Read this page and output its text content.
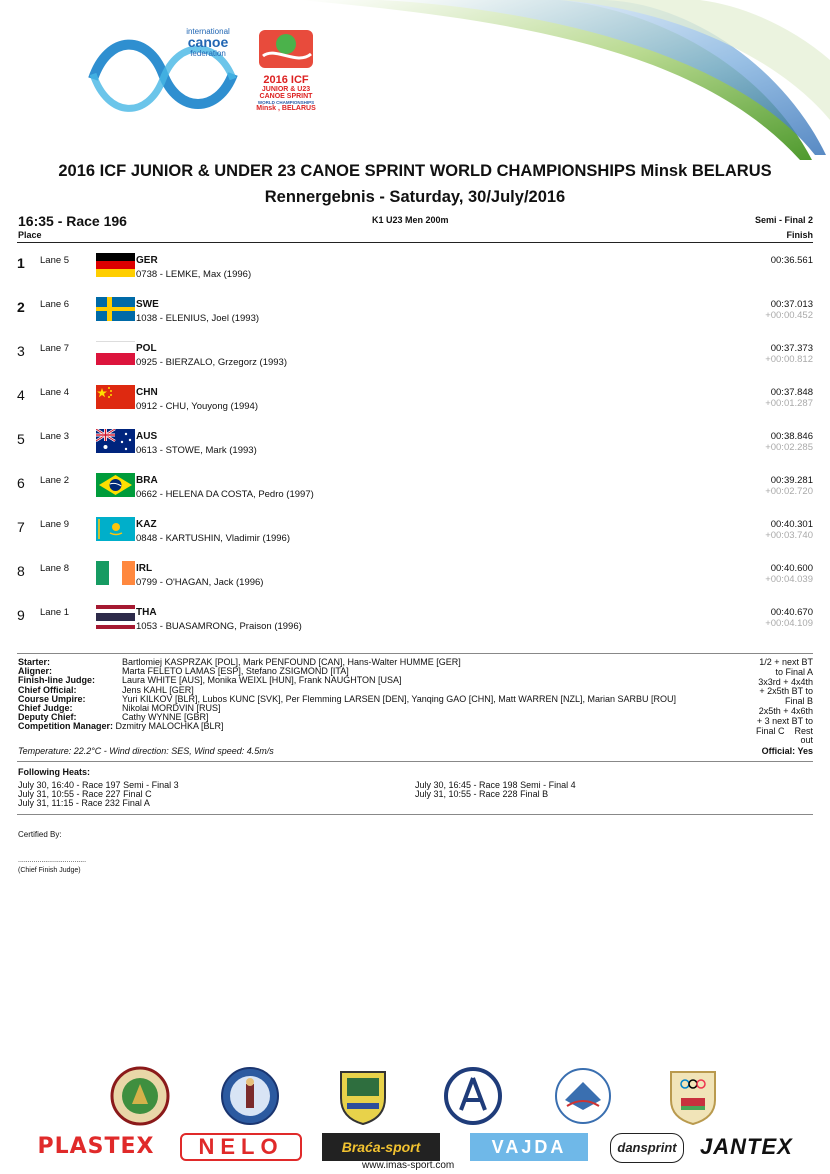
international
canoe
federation
2016 ICF
JUNIOR & U23 CANOE SPRINT
WORLD CHAMPIONSHIPS
Minsk , BELARUS
2016 ICF JUNIOR & UNDER 23 CANOE SPRINT WORLD CHAMPIONSHIPS Minsk BELARUS
Rennergebnis - Saturday, 30/July/2016
16:35 - Race 196
Place
K1 U23 Men 200m	Semi - Final 2
Finish
1 Lane 5	GER
0738 - LEMKE, Max (1996)
00:36.561
2 Lane 6	SWE
1038 - ELENIUS, Joel (1993)
00:37.013
+00:00.452
3 Lane 7	POL
0925 - BIERZALO, Grzegorz (1993)
00:37.373
+00:00.812
4 Lane 4	CHN
0912 - CHU, Youyong (1994)
00:37.848
+00:01.287
5 Lane 3	AUS
0613 - STOWE, Mark (1993)
00:38.846
+00:02.285
6 Lane 2	BRA
0662 - HELENA DA COSTA, Pedro (1997)
00:39.281
+00:02.720
7 Lane 9	KAZ
0848 - KARTUSHIN, Vladimir (1996)
00:40.301
+00:03.740
8 Lane 8	IRL
0799 - O'HAGAN, Jack (1996)
00:40.600
+00:04.039
9 Lane 1	THA
1053 - BUASAMRONG, Praison (1996)
00:40.670
+00:04.109
Starter:	Bartlomiej KASPRZAK [POL], Mark PENFOUND [CAN], Hans-Walter HUMME [GER]
Aligner:	Marta FELETO LAMAS [ESP], Stefano ZSIGMOND [ITA]
Finish-line Judge:	Laura WHITE [AUS], Monika WEIXL [HUN], Frank NAUGHTON [USA]
Chief Official:	Jens KAHL [GER]
Course Umpire:	Yuri KILKOV [BLR], Lubos KUNC [SVK], Per Flemming LARSEN [DEN], Yanqing GAO [CHN], Matt WARREN [NZL], Marian SARBU [ROU]
Chief Judge:	Nikolai MORDVIN [RUS]
Deputy Chief:	Cathy WYNNE [GBR]
Competition Manager: Dzmitry MALOCHKA [BLR]
Temperature: 22.2°C - Wind direction: SES, Wind speed: 4.5m/s
1/2 + next BT
to Final A
3x3rd + 4x4th
+ 2x5th BT to
Final B
2x5th + 4x6th
+ 3 next BT to
Final C    Rest
out
Official: Yes
Following Heats:
July 30, 16:40 - Race 197 Semi - Final 3
July 31, 10:55 - Race 227 Final C
July 31, 11:15 - Race 232 Final A
July 30, 16:45 - Race 198 Semi - Final 4
July 31, 10:55 - Race 228 Final B
Certified By:
...................................
(Chief Finish Judge)
PLASTEX	NELO	Braća-sport	VAJDA	dansprint	JANTEX
www.imas-sport.com
